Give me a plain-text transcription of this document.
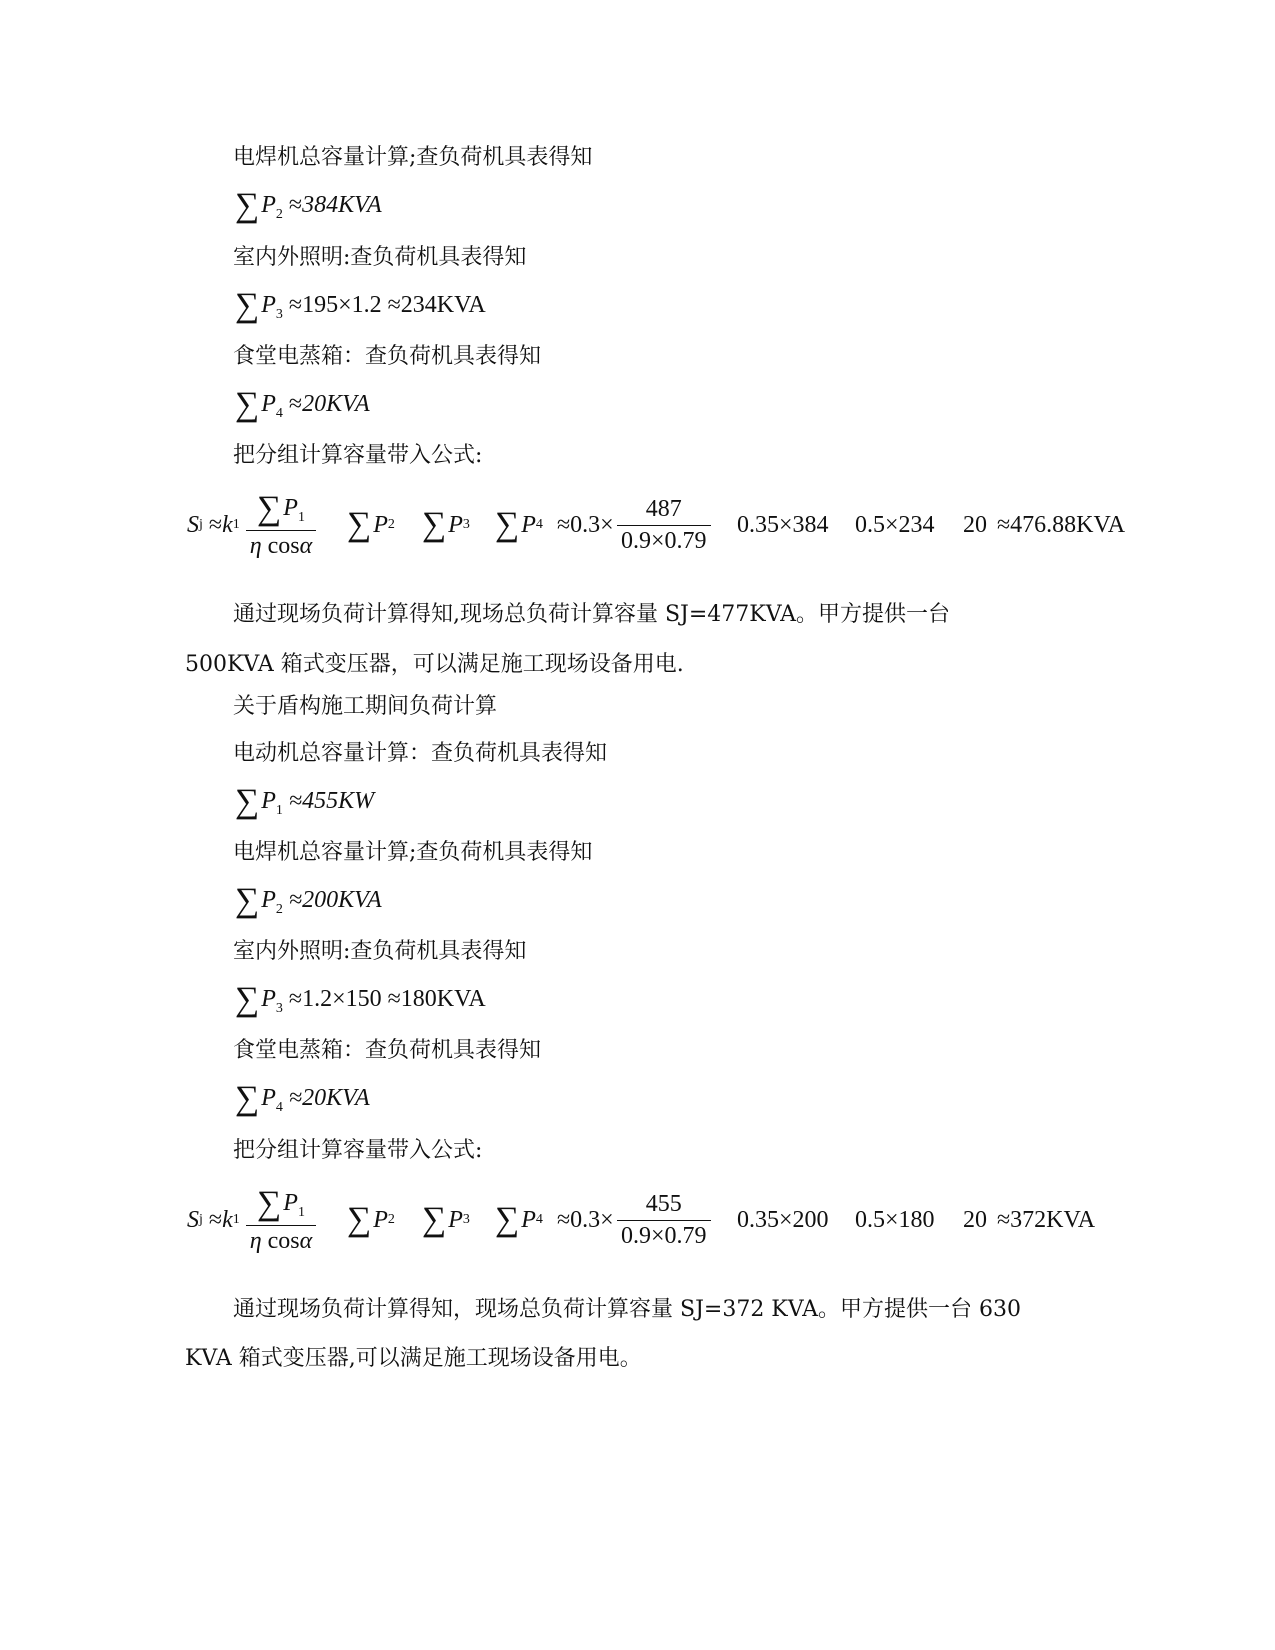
电焊机总容量计算;查负荷机具表得知
$\sum P_2 \approx 384KVA$
室内外照明:查负荷机具表得知
$\sum P_3 \approx 195\times 1.2 \approx 234KVA$
食堂电蒸箱：查负荷机具表得知
$\sum P_4 \approx 20KVA$
把分组计算容量带入公式:
S j ≈ k 1
$\frac{\sum P_1}{\text{η cosα}}$ ∑ P 2 ∑ P 3 ∑ P $4 \approx 0.3\times \frac{487}{0.9\times 0.79} 0.35\times 384$ 0.5×234 20 ≈476.88KVA
通过现场负荷计算得知,现场总负荷计算容量 SJ=477KVA。甲方提供一台
500KVA 箱式变压器，可以满足施工现场设备用电.
关于盾构施工期间负荷计算
电动机总容量计算：查负荷机具表得知
$\sum P_1 \approx 455KW$
电焊机总容量计算;查负荷机具表得知
$\sum P_2 \approx 200KVA$
室内外照明:查负荷机具表得知
$\sum P_3 \approx 1.2\times 150 \approx 180KVA$
食堂电蒸箱：查负荷机具表得知
$\sum P_4 \approx 20KVA$
把分组计算容量带入公式:
S j ≈ k 1
$\frac{\sum P_1}{\text{η cosα}}$ ∑ P 2 ∑ P 3 ∑ P $4 \approx 0.3\times \frac{455}{0.9\times 0.79} 0.35\times 200$ 0.5×180 20 ≈372KVA
通过现场负荷计算得知，现场总负荷计算容量 SJ=372 KVA。甲方提供一台 630
KVA 箱式变压器,可以满足施工现场设备用电。
